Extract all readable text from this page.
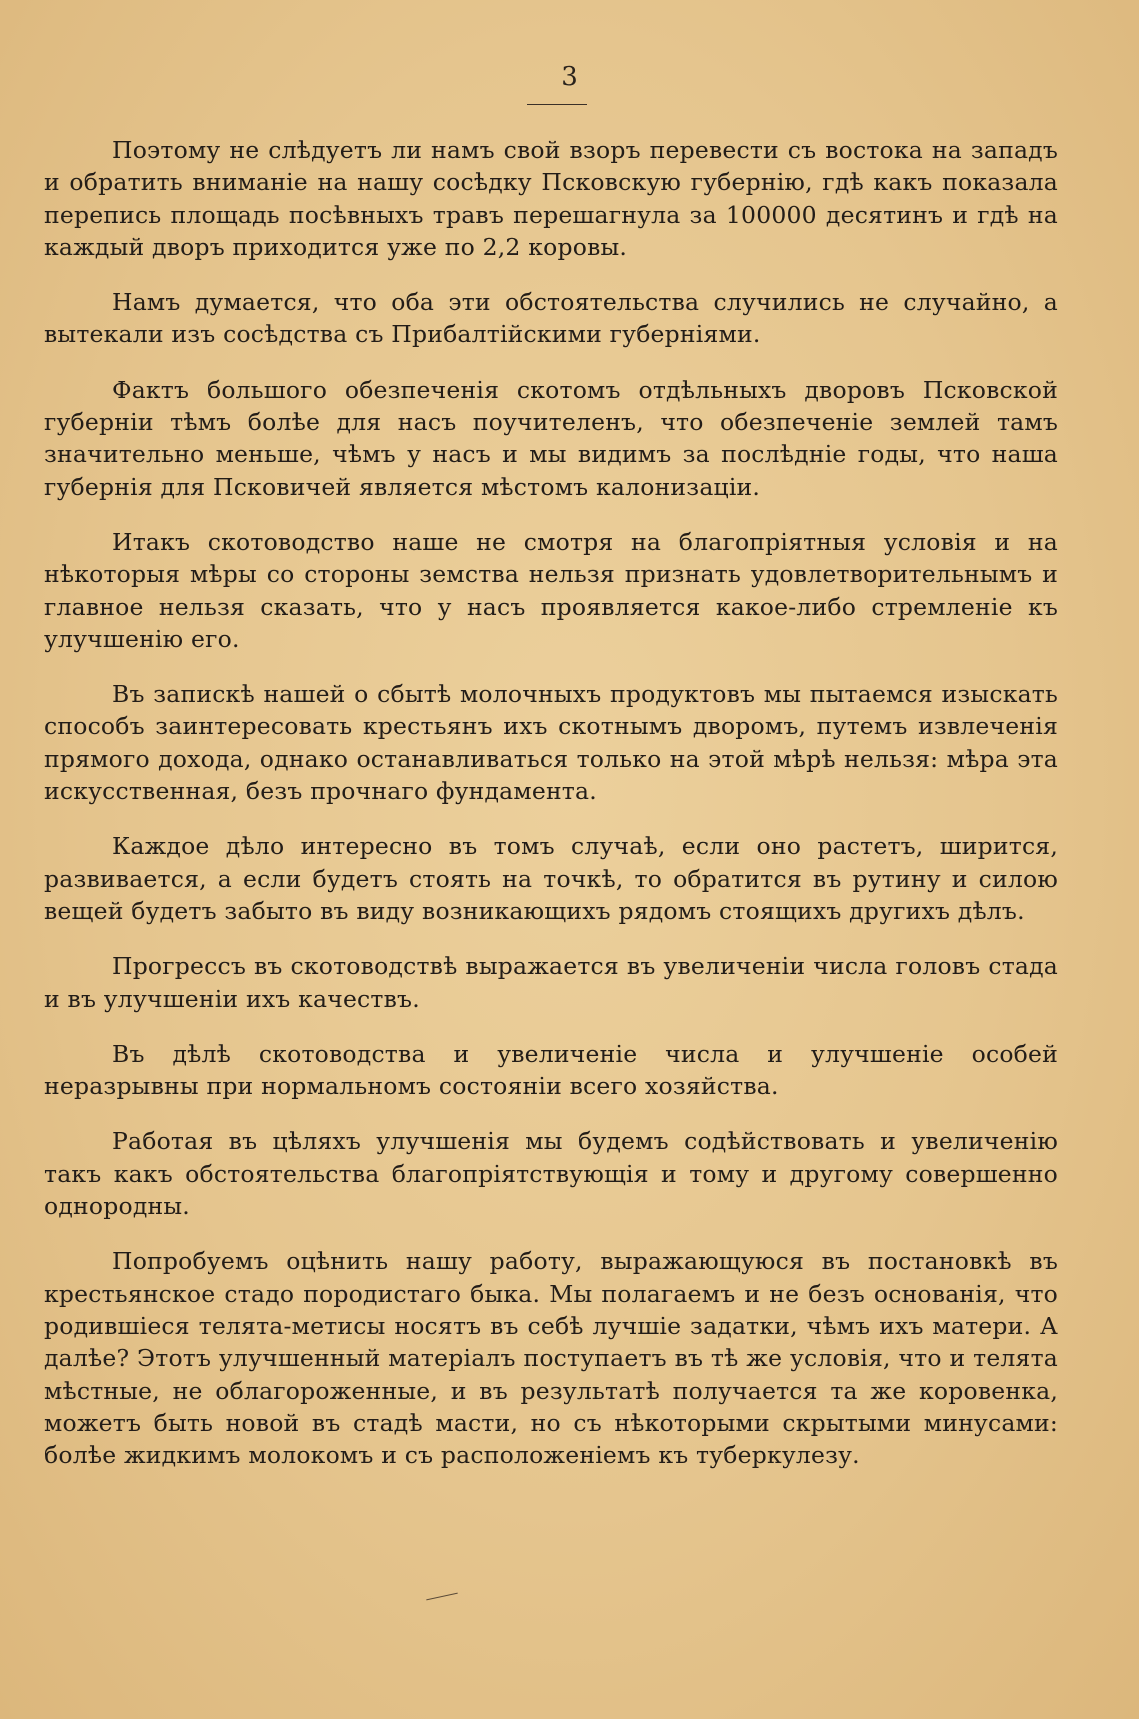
3

Поэтому не слѣдуетъ ли намъ свой взоръ перевести съ востока на западъ и обратить вниманіе на нашу сосѣдку Псковскую губернію, гдѣ какъ показала перепись площадь посѣвныхъ травъ перешагнула за 100000 десятинъ и гдѣ на каждый дворъ приходится уже по 2,2 коровы.

Намъ думается, что оба эти обстоятельства случились не случайно, а вытекали изъ сосѣдства съ Прибалтійскими губерніями.

Фактъ большого обезпеченія скотомъ отдѣльныхъ дворовъ Псковской губерніи тѣмъ болѣе для насъ поучителенъ, что обезпеченіе землей тамъ значительно меньше, чѣмъ у насъ и мы видимъ за послѣдніе годы, что наша губернія для Псковичей является мѣстомъ калонизаціи.

Итакъ скотоводство наше не смотря на благопріятныя условія и на нѣкоторыя мѣры со стороны земства нельзя признать удовлетворительнымъ и главное нельзя сказать, что у насъ проявляется какое-либо стремленіе къ улучшенію его.

Въ запискѣ нашей о сбытѣ молочныхъ продуктовъ мы пытаемся изыскать способъ заинтересовать крестьянъ ихъ скотнымъ дворомъ, путемъ извлеченія прямого дохода, однако останавливаться только на этой мѣрѣ нельзя: мѣра эта искусственная, безъ прочнаго фундамента.

Каждое дѣло интересно въ томъ случаѣ, если оно растетъ, ширится, развивается, а если будетъ стоять на точкѣ, то обратится въ рутину и силою вещей будетъ забыто въ виду возникающихъ рядомъ стоящихъ другихъ дѣлъ.

Прогрессъ въ скотоводствѣ выражается въ увеличеніи числа головъ стада и въ улучшеніи ихъ качествъ.

Въ дѣлѣ скотоводства и увеличеніе числа и улучшеніе особей неразрывны при нормальномъ состояніи всего хозяйства.

Работая въ цѣляхъ улучшенія мы будемъ содѣйствовать и увеличенію такъ какъ обстоятельства благопріятствующія и тому и другому совершенно однородны.

Попробуемъ оцѣнить нашу работу, выражающуюся въ постановкѣ въ крестьянское стадо породистаго быка. Мы полагаемъ и не безъ основанія, что родившіеся телята-метисы носятъ въ себѣ лучшіе задатки, чѣмъ ихъ матери. А далѣе? Этотъ улучшенный матеріалъ поступаетъ въ тѣ же условія, что и телята мѣстные, не облагороженные, и въ результатѣ получается та же коровенка, можетъ быть новой въ стадѣ масти, но съ нѣкоторыми скрытыми минусами: болѣе жидкимъ молокомъ и съ расположеніемъ къ туберкулезу.
